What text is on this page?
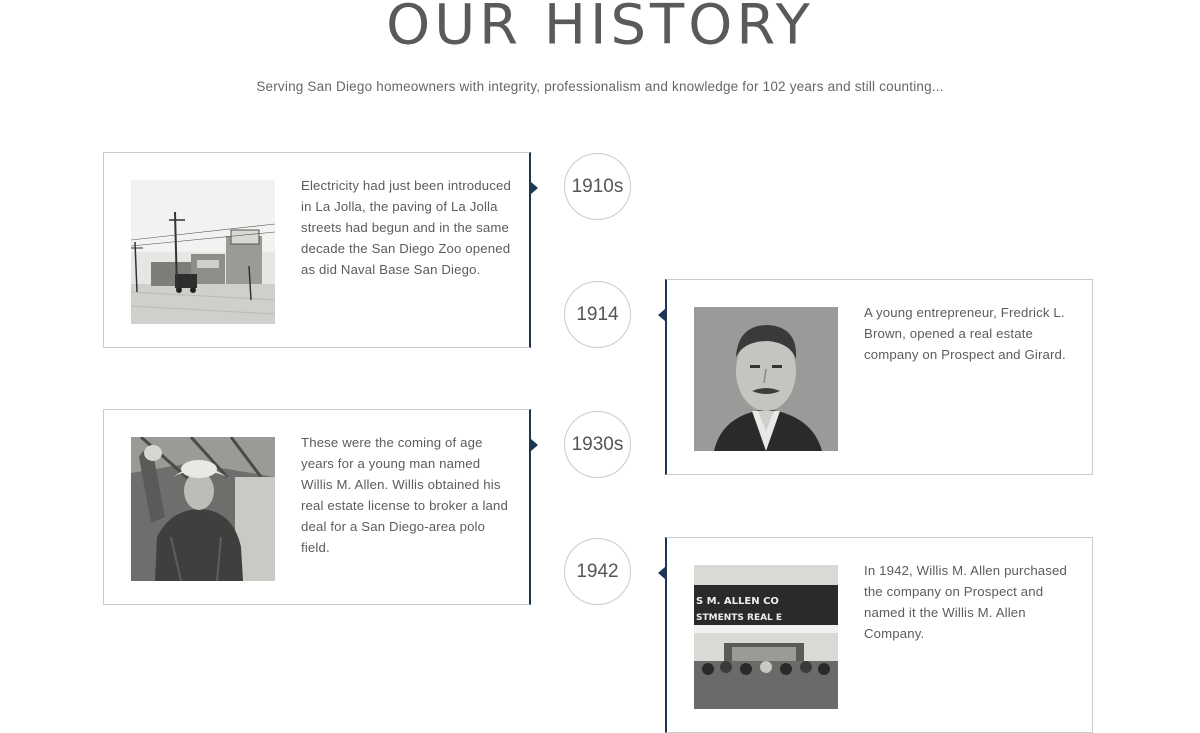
OUR HISTORY
Serving San Diego homeowners with integrity, professionalism and knowledge for 102 years and still counting...
Electricity had just been introduced in La Jolla, the paving of La Jolla streets had begun and in the same decade the San Diego Zoo opened as did Naval Base San Diego.
1910s
A young entrepreneur, Fredrick L. Brown, opened a real estate company on Prospect and Girard.
1914
These were the coming of age years for a young man named Willis M. Allen. Willis obtained his real estate license to broker a land deal for a San Diego-area polo field.
1930s
S M. ALLEN CO
STMENTS REAL E
In 1942, Willis M. Allen purchased the company on Prospect and named it the Willis M. Allen Company.
1942
